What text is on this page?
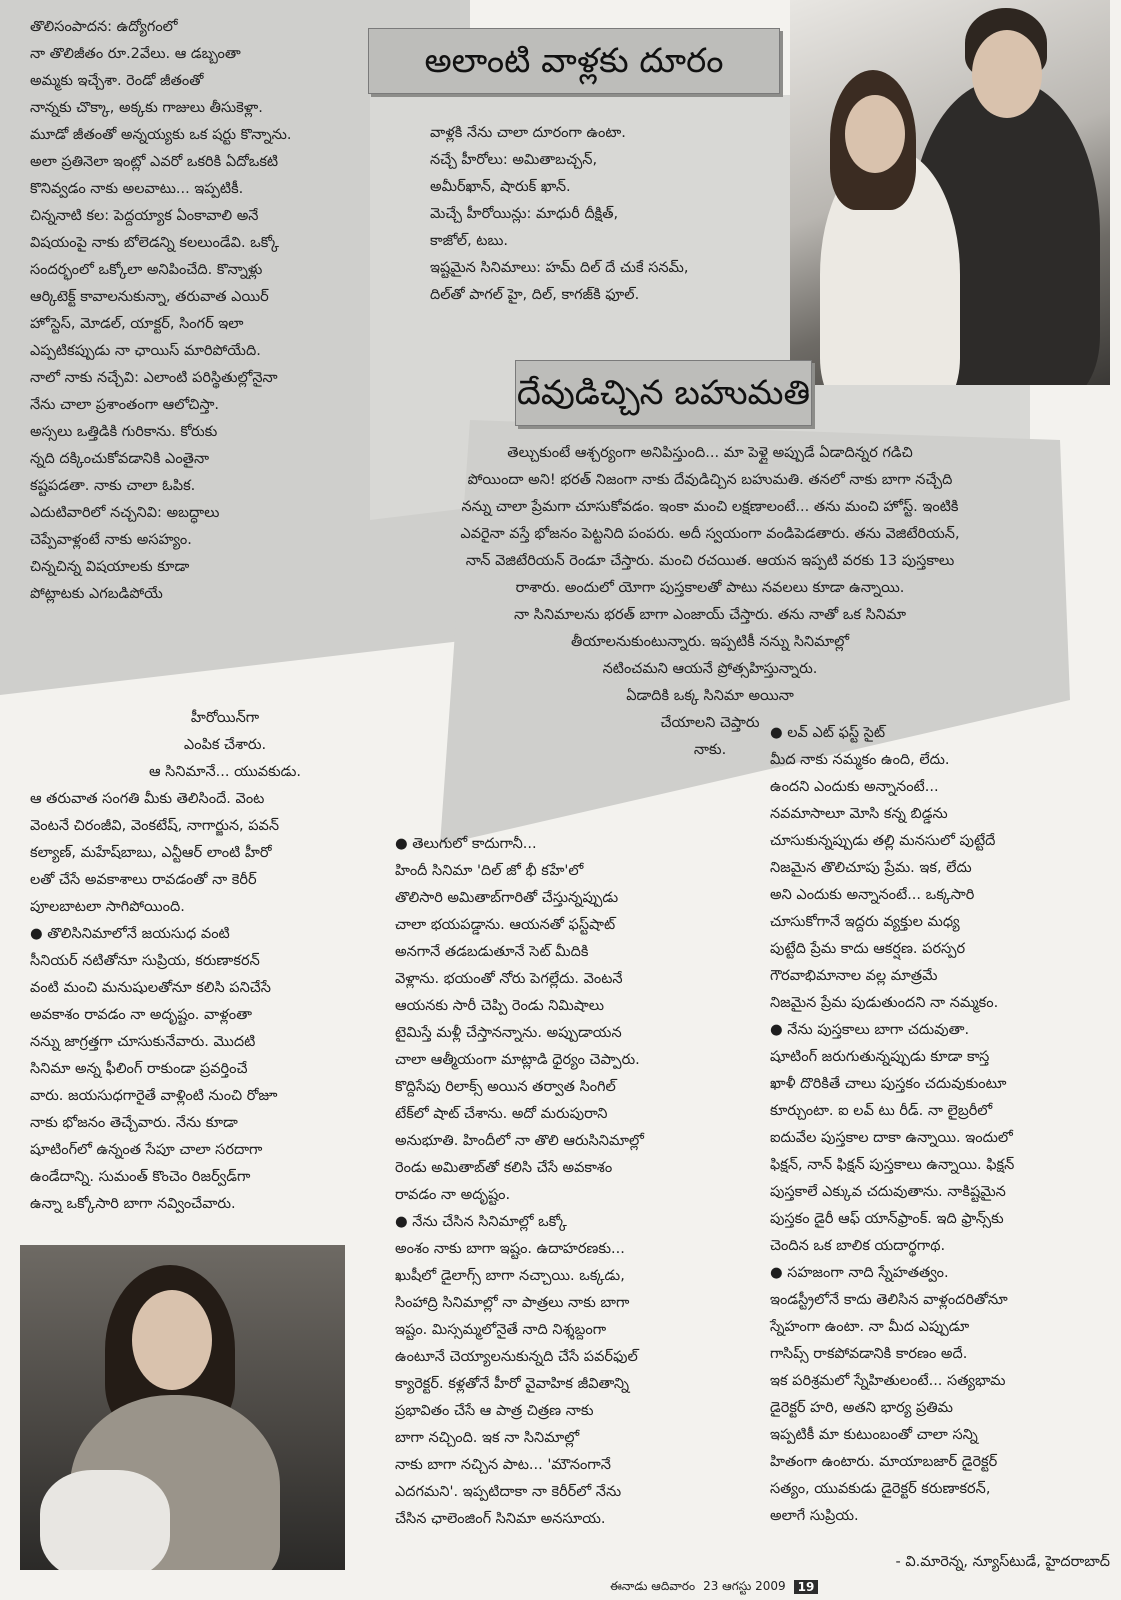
తొలిసంపాదన: ఉద్యోగంలో
నా తొలిజీతం రూ.2వేలు. ఆ డబ్బంతా
అమ్మకు ఇచ్చేశా. రెండో జీతంతో
నాన్నకు చొక్కా, అక్కకు గాజులు తీసుకెళ్లా.
మూడో జీతంతో అన్నయ్యకు ఒక షర్టు కొన్నాను.
అలా ప్రతినెలా ఇంట్లో ఎవరో ఒకరికి ఏదోఒకటి
కొనివ్వడం నాకు అలవాటు... ఇప్పటికీ.
చిన్ననాటి కల: పెద్దయ్యాక ఏంకావాలి అనే
విషయంపై నాకు బోలెడన్ని కలలుండేవి. ఒక్కో
సందర్భంలో ఒక్కోలా అనిపించేది. కొన్నాళ్లు
ఆర్కిటెక్ట్ కావాలనుకున్నా, తరువాత ఎయిర్
హోస్టెస్, మోడల్, యాక్టర్, సింగర్ ఇలా
ఎప్పటికప్పుడు నా ఛాయిస్ మారిపోయేది.
నాలో నాకు నచ్చేవి: ఎలాంటి పరిస్థితుల్లోనైనా
నేను చాలా ప్రశాంతంగా ఆలోచిస్తా.
అస్సలు ఒత్తిడికి గురికాను. కోరుకు
న్నది దక్కించుకోవడానికి ఎంతైనా
కష్టపడతా. నాకు చాలా ఓపిక.
ఎదుటివారిలో నచ్చనివి: అబద్ధాలు
చెప్పేవాళ్లంటే నాకు అసహ్యం.
చిన్నచిన్న విషయాలకు కూడా
పోట్లాటకు ఎగబడిపోయే

అలాంటి వాళ్లకు దూరం

వాళ్లకి నేను చాలా దూరంగా ఉంటా.
నచ్చే హీరోలు: అమితాబచ్చన్,
అమీర్‌ఖాన్, షారుక్ ఖాన్.
మెచ్చే హీరోయిన్లు: మాధురీ దీక్షిత్,
కాజోల్, టబు.
ఇష్టమైన సినిమాలు: హమ్ దిల్ దే చుకే సనమ్,
దిల్‌తో పాగల్ హై, దిల్, కాగజ్‌కి ఫూల్.

దేవుడిచ్చిన బహుమతి

తెల్చుకుంటే ఆశ్చర్యంగా అనిపిస్తుంది... మా పెళ్లై అప్పుడే ఏడాదిన్నర గడిచి
పోయిందా అని! భరత్ నిజంగా నాకు దేవుడిచ్చిన బహుమతి. తనలో నాకు బాగా నచ్చేది
నన్ను చాలా ప్రేమగా చూసుకోవడం. ఇంకా మంచి లక్షణాలంటే... తను మంచి హోస్ట్. ఇంటికి
ఎవరైనా వస్తే భోజనం పెట్టనిది పంపరు. అదీ స్వయంగా వండిపెడతారు. తను వెజిటేరియన్,
నాన్ వెజిటేరియన్ రెండూ చేస్తారు. మంచి రచయిత. ఆయన ఇప్పటి వరకు 13 పుస్తకాలు
రాశారు. అందులో యోగా పుస్తకాలతో పాటు నవలలు కూడా ఉన్నాయి.
నా సినిమాలను భరత్ బాగా ఎంజాయ్ చేస్తారు. తను నాతో ఒక సినిమా
తీయాలనుకుంటున్నారు. ఇప్పటికీ నన్ను సినిమాల్లో
నటించమని ఆయనే ప్రోత్సహిస్తున్నారు.
ఏడాదికి ఒక్క సినిమా అయినా
చేయాలని చెప్తారు
నాకు.

హీరోయిన్‌గా
ఎంపిక చేశారు.
ఆ సినిమానే... యువకుడు.

ఆ తరువాత సంగతి మీకు తెలిసిందే. వెంట
వెంటనే చిరంజీవి, వెంకటేష్, నాగార్జున, పవన్
కల్యాణ్, మహేష్‌బాబు, ఎన్టీఆర్ లాంటి హీరో
లతో చేసే అవకాశాలు రావడంతో నా కెరీర్
పూలబాటలా సాగిపోయింది.
● తొలిసినిమాలోనే జయసుధ వంటి
సీనియర్ నటితోనూ సుప్రియ, కరుణాకరన్
వంటి మంచి మనుషులతోనూ కలిసి పనిచేసే
అవకాశం రావడం నా అదృష్టం. వాళ్లంతా
నన్ను జాగ్రత్తగా చూసుకునేవారు. మొదటి
సినిమా అన్న ఫీలింగ్ రాకుండా ప్రవర్తించే
వారు. జయసుధగారైతే వాళ్లింటి నుంచి రోజూ
నాకు భోజనం తెచ్చేవారు. నేను కూడా
షూటింగ్‌లో ఉన్నంత సేపూ చాలా సరదాగా
ఉండేదాన్ని. సుమంత్ కొంచెం రిజర్వ్‌డ్‌గా
ఉన్నా ఒక్కోసారి బాగా నవ్వించేవారు.

● తెలుగులో కాదుగానీ...
హిందీ సినిమా 'దిల్ జో భీ కహే'లో
తొలిసారి అమితాబ్‌గారితో చేస్తున్నప్పుడు
చాలా భయపడ్డాను. ఆయనతో ఫస్ట్‌షాట్
అనగానే తడబడుతూనే సెట్ మీదికి
వెళ్లాను. భయంతో నోరు పెగల్లేదు. వెంటనే
ఆయనకు సారీ చెప్పి రెండు నిమిషాలు
టైమిస్తే మళ్లీ చేస్తానన్నాను. అప్పుడాయన
చాలా ఆత్మీయంగా మాట్లాడి ధైర్యం చెప్పారు.
కొద్దిసేపు రిలాక్స్ అయిన తర్వాత సింగిల్
టేక్‌లో షాట్ చేశాను. అదో మరుపురాని
అనుభూతి. హిందీలో నా తొలి ఆరుసినిమాల్లో
రెండు అమితాబ్‌తో కలిసి చేసే అవకాశం
రావడం నా అదృష్టం.
● నేను చేసిన సినిమాల్లో ఒక్కో
అంశం నాకు బాగా ఇష్టం. ఉదాహరణకు...
ఖుషీలో డైలాగ్స్ బాగా నచ్చాయి. ఒక్కడు,
సింహాద్రి సినిమాల్లో నా పాత్రలు నాకు బాగా
ఇష్టం. మిస్సమ్మలోనైతే నాది నిశ్శబ్దంగా
ఉంటూనే చెయ్యాలనుకున్నది చేసే పవర్‌ఫుల్
క్యారెక్టర్. కళ్లతోనే హీరో వైవాహిక జీవితాన్ని
ప్రభావితం చేసే ఆ పాత్ర చిత్రణ నాకు
బాగా నచ్చింది. ఇక నా సినిమాల్లో
నాకు బాగా నచ్చిన పాట... 'మౌనంగానే
ఎదగమని'. ఇప్పటిదాకా నా కెరీర్‌లో నేను
చేసిన ఛాలెంజింగ్ సినిమా అనసూయ.

● లవ్ ఎట్ ఫస్ట్ సైట్
మీద నాకు నమ్మకం ఉంది, లేదు.
ఉందని ఎందుకు అన్నానంటే...
నవమాసాలూ మోసి కన్న బిడ్డను
చూసుకున్నప్పుడు తల్లి మనసులో పుట్టేదే
నిజమైన తొలిచూపు ప్రేమ. ఇక, లేదు
అని ఎందుకు అన్నానంటే... ఒక్కసారి
చూసుకోగానే ఇద్దరు వ్యక్తుల మధ్య
పుట్టేది ప్రేమ కాదు ఆకర్షణ. పరస్పర
గౌరవాభిమానాల వల్ల మాత్రమే
నిజమైన ప్రేమ పుడుతుందని నా నమ్మకం.
● నేను పుస్తకాలు బాగా చదువుతా.
షూటింగ్ జరుగుతున్నప్పుడు కూడా కాస్త
ఖాళీ దొరికితే చాలు పుస్తకం చదువుకుంటూ
కూర్చుంటా. ఐ లవ్ టు రీడ్. నా లైబ్రరీలో
ఐదువేల పుస్తకాల దాకా ఉన్నాయి. ఇందులో
ఫిక్షన్, నాన్ ఫిక్షన్ పుస్తకాలు ఉన్నాయి. ఫిక్షన్
పుస్తకాలే ఎక్కువ చదువుతాను. నాకిష్టమైన
పుస్తకం డైరీ ఆఫ్ యాన్‌ఫ్రాంక్. ఇది ఫ్రాన్స్‌కు
చెందిన ఒక బాలిక యదార్థగాథ.
● సహజంగా నాది స్నేహతత్వం.
ఇండస్ట్రీలోనే కాదు తెలిసిన వాళ్లందరితోనూ
స్నేహంగా ఉంటా. నా మీద ఎప్పుడూ
గాసిప్స్ రాకపోవడానికి కారణం అదే.
ఇక పరిశ్రమలో స్నేహితులంటే... సత్యభామ
డైరెక్టర్ హరి, అతని భార్య ప్రతిమ
ఇప్పటికీ మా కుటుంబంతో చాలా సన్ని
హితంగా ఉంటారు. మాయాబజార్ డైరెక్టర్
సత్యం, యువకుడు డైరెక్టర్ కరుణాకరన్,
అలాగే సుప్రియ.

- వి.మారెన్న, న్యూస్‌టుడే, హైదరాబాద్

ఈనాడు ఆదివారం 23 ఆగస్టు 2009	19
